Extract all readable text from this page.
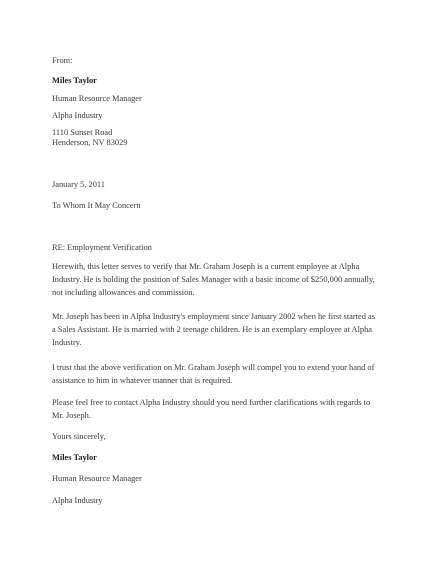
From:
Miles Taylor
Human Resource Manager
Alpha Industry
1110 Sunset Road
Henderson, NV 83029
January 5, 2011
To Whom It May Concern
RE: Employment Verification
Herewith, this letter serves to verify that Mr. Graham Joseph is a current employee at Alpha
Industry. He is holding the position of Sales Manager with a basic income of $250,000 annually,
not including allowances and commission.
Mr. Joseph has been in Alpha Industry's employment since January 2002 when he first started as
a Sales Assistant. He is married with 2 teenage children. He is an exemplary employee at Alpha
Industry.
I trust that the above verification on Mr. Graham Joseph will compel you to extend your hand of
assistance to him in whatever manner that is required.
Please feel free to contact Alpha Industry should you need further clarifications with regards to
Mr. Joseph.
Yours sincerely,
Miles Taylor
Human Resource Manager
Alpha Industry
